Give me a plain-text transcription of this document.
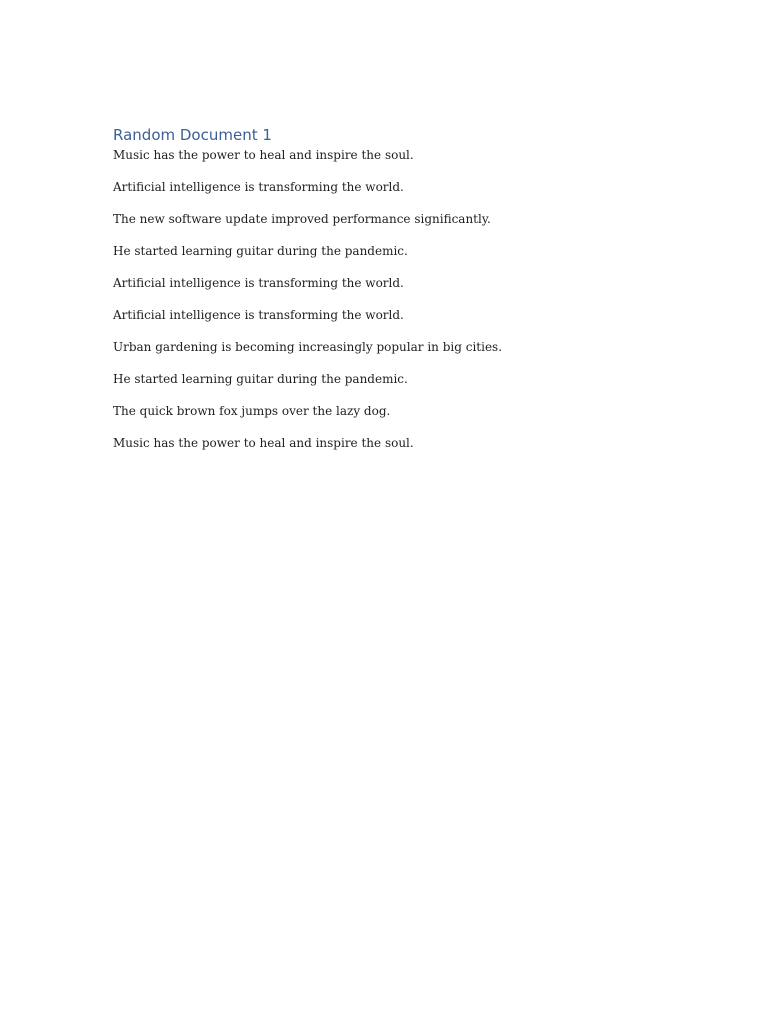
Random Document 1

Music has the power to heal and inspire the soul.

Artificial intelligence is transforming the world.

The new software update improved performance significantly.

He started learning guitar during the pandemic.

Artificial intelligence is transforming the world.

Artificial intelligence is transforming the world.

Urban gardening is becoming increasingly popular in big cities.

He started learning guitar during the pandemic.

The quick brown fox jumps over the lazy dog.

Music has the power to heal and inspire the soul.
